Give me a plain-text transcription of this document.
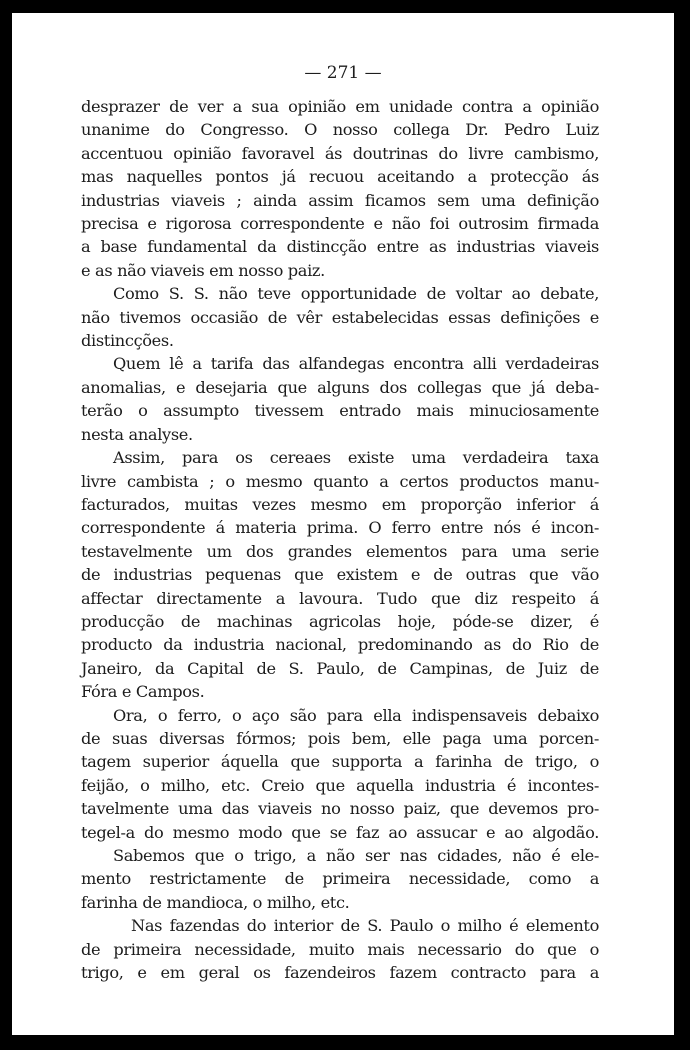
— 271 —
desprazer de ver a sua opinião em unidade contra a opinião
unanime do Congresso. O nosso collega Dr. Pedro Luiz
accentuou opinião favoravel ás doutrinas do livre cambismo,
mas naquelles pontos já recuou aceitando a protecção ás
industrias viaveis ; ainda assim ficamos sem uma definição
precisa e rigorosa correspondente e não foi outrosim firmada
a base fundamental da distincção entre as industrias viaveis
e as não viaveis em nosso paiz.
Como S. S. não teve opportunidade de voltar ao debate,
não tivemos occasião de vêr estabelecidas essas definições e
distincções.
Quem lê a tarifa das alfandegas encontra alli verdadeiras
anomalias, e desejaria que alguns dos collegas que já deba-
terão o assumpto tivessem entrado mais minuciosamente
nesta analyse.
Assim, para os cereaes existe uma verdadeira taxa
livre cambista ; o mesmo quanto a certos productos manu-
facturados, muitas vezes mesmo em proporção inferior á
correspondente á materia prima. O ferro entre nós é incon-
testavelmente um dos grandes elementos para uma serie
de industrias pequenas que existem e de outras que vão
affectar directamente a lavoura. Tudo que diz respeito á
producção de machinas agricolas hoje, póde-se dizer, é
producto da industria nacional, predominando as do Rio de
Janeiro, da Capital de S. Paulo, de Campinas, de Juiz de
Fóra e Campos.
Ora, o ferro, o aço são para ella indispensaveis debaixo
de suas diversas fórmos; pois bem, elle paga uma porcen-
tagem superior áquella que supporta a farinha de trigo, o
feijão, o milho, etc. Creio que aquella industria é incontes-
tavelmente uma das viaveis no nosso paiz, que devemos pro-
tegel-a do mesmo modo que se faz ao assucar e ao algodão.
Sabemos que o trigo, a não ser nas cidades, não é ele-
mento restrictamente de primeira necessidade, como a
farinha de mandioca, o milho, etc.
Nas fazendas do interior de S. Paulo o milho é elemento
de primeira necessidade, muito mais necessario do que o
trigo, e em geral os fazendeiros fazem contracto para a
